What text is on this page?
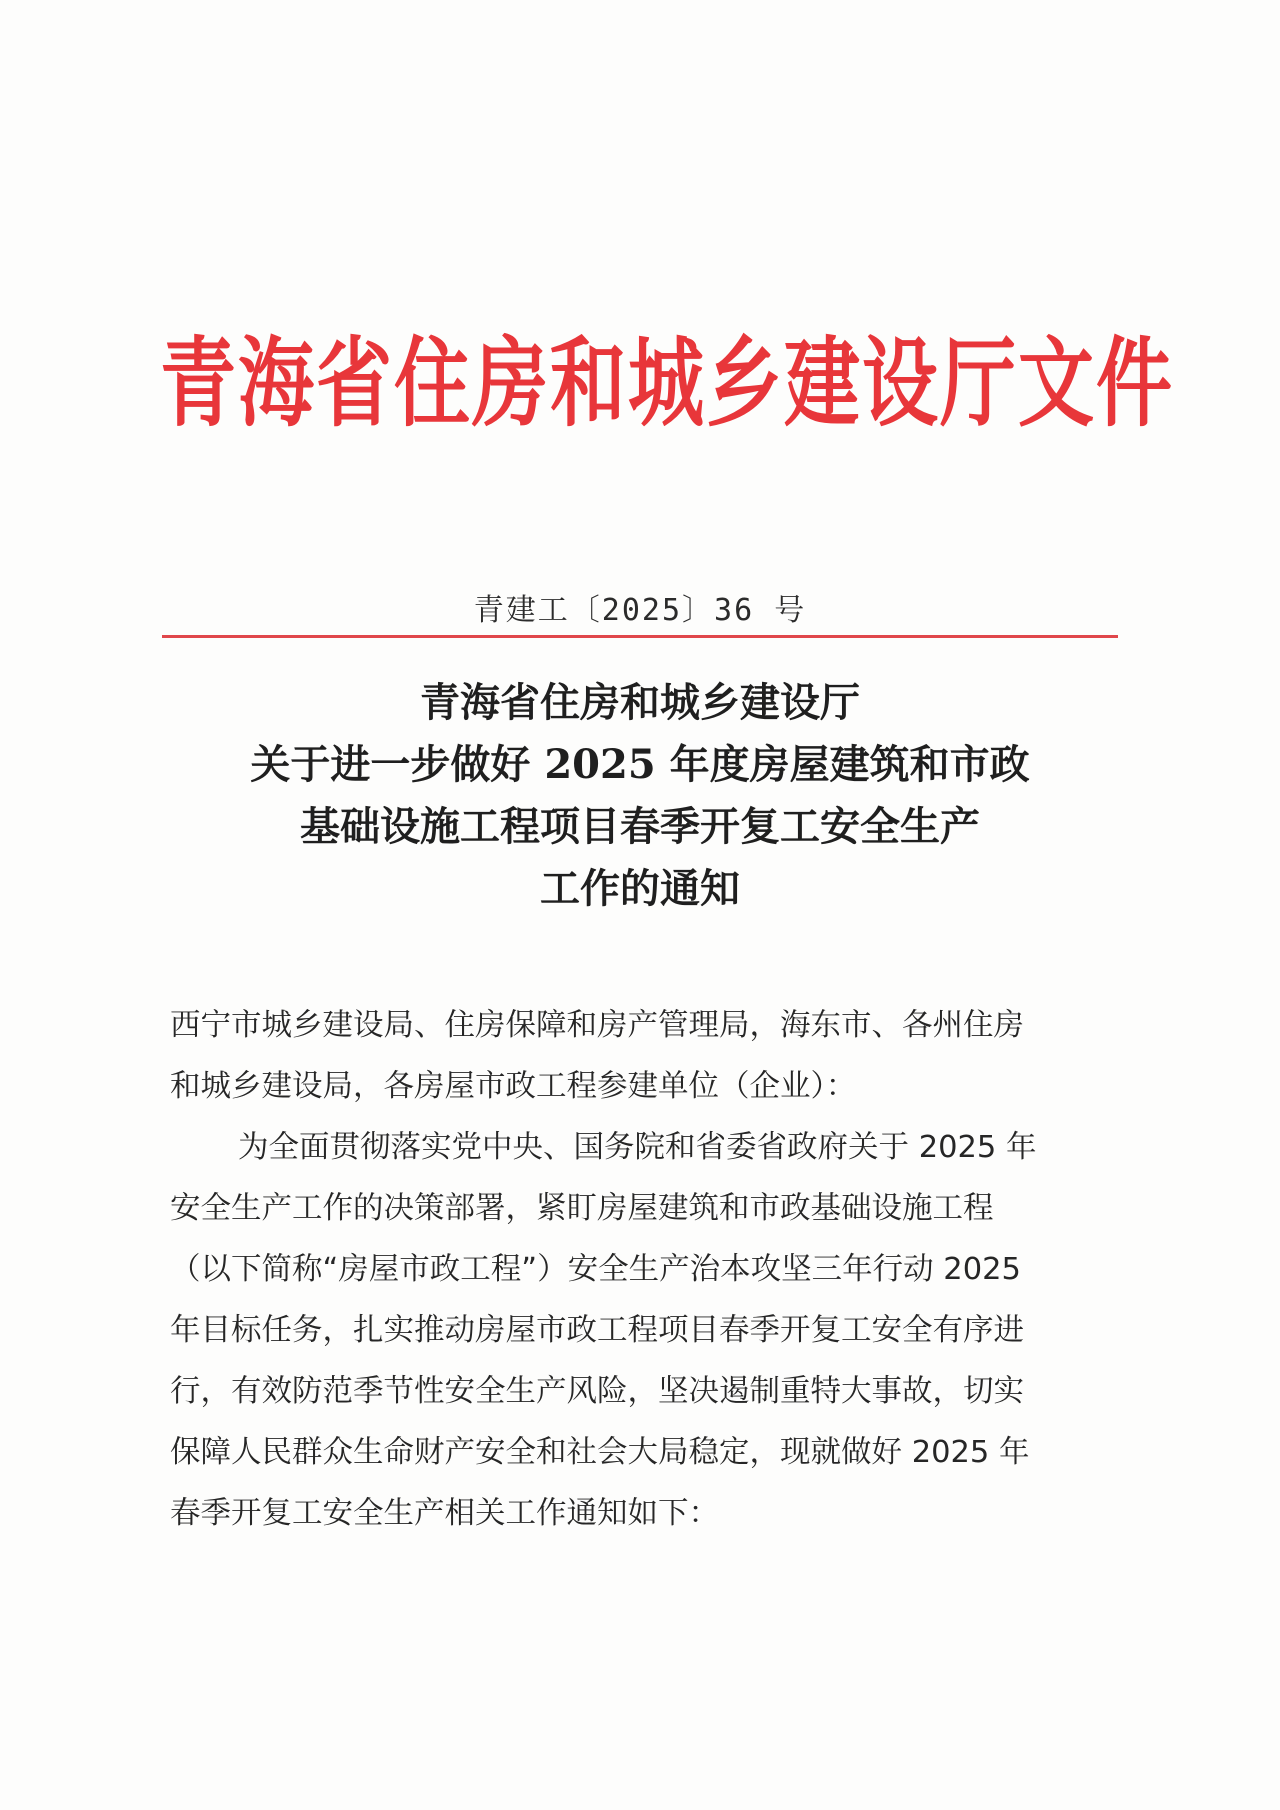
青海省住房和城乡建设厅文件
青建工〔2025〕36 号
青海省住房和城乡建设厅
关于进一步做好 2025 年度房屋建筑和市政
基础设施工程项目春季开复工安全生产
工作的通知
西宁市城乡建设局、住房保障和房产管理局，海东市、各州住房
和城乡建设局，各房屋市政工程参建单位（企业）：
为全面贯彻落实党中央、国务院和省委省政府关于 2025 年
安全生产工作的决策部署，紧盯房屋建筑和市政基础设施工程
（以下简称“房屋市政工程”）安全生产治本攻坚三年行动 2025
年目标任务，扎实推动房屋市政工程项目春季开复工安全有序进
行，有效防范季节性安全生产风险，坚决遏制重特大事故，切实
保障人民群众生命财产安全和社会大局稳定，现就做好 2025 年
春季开复工安全生产相关工作通知如下：
